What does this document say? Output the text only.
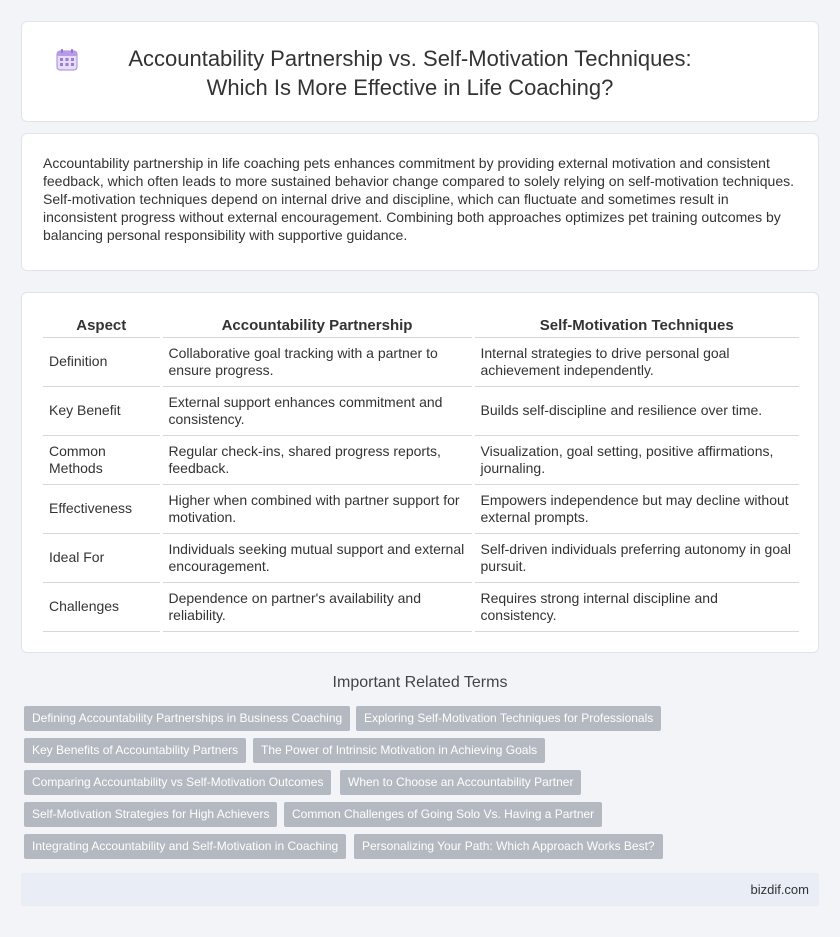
Accountability Partnership vs. Self-Motivation Techniques: Which Is More Effective in Life Coaching?

Accountability partnership in life coaching pets enhances commitment by providing external motivation and consistent feedback, which often leads to more sustained behavior change compared to solely relying on self-motivation techniques. Self-motivation techniques depend on internal drive and discipline, which can fluctuate and sometimes result in inconsistent progress without external encouragement. Combining both approaches optimizes pet training outcomes by balancing personal responsibility with supportive guidance.

Aspect	Accountability Partnership	Self-Motivation Techniques
Definition	Collaborative goal tracking with a partner to ensure progress.	Internal strategies to drive personal goal achievement independently.
Key Benefit	External support enhances commitment and consistency.	Builds self-discipline and resilience over time.
Common Methods	Regular check-ins, shared progress reports, feedback.	Visualization, goal setting, positive affirmations, journaling.
Effectiveness	Higher when combined with partner support for motivation.	Empowers independence but may decline without external prompts.
Ideal For	Individuals seeking mutual support and external encouragement.	Self-driven individuals preferring autonomy in goal pursuit.
Challenges	Dependence on partner's availability and reliability.	Requires strong internal discipline and consistency.
Important Related Terms
Defining Accountability Partnerships in Business Coaching	Exploring Self-Motivation Techniques for Professionals
Key Benefits of Accountability Partners	The Power of Intrinsic Motivation in Achieving Goals
Comparing Accountability vs Self-Motivation Outcomes	When to Choose an Accountability Partner
Self-Motivation Strategies for High Achievers	Common Challenges of Going Solo Vs. Having a Partner
Integrating Accountability and Self-Motivation in Coaching	Personalizing Your Path: Which Approach Works Best?
bizdif.com
